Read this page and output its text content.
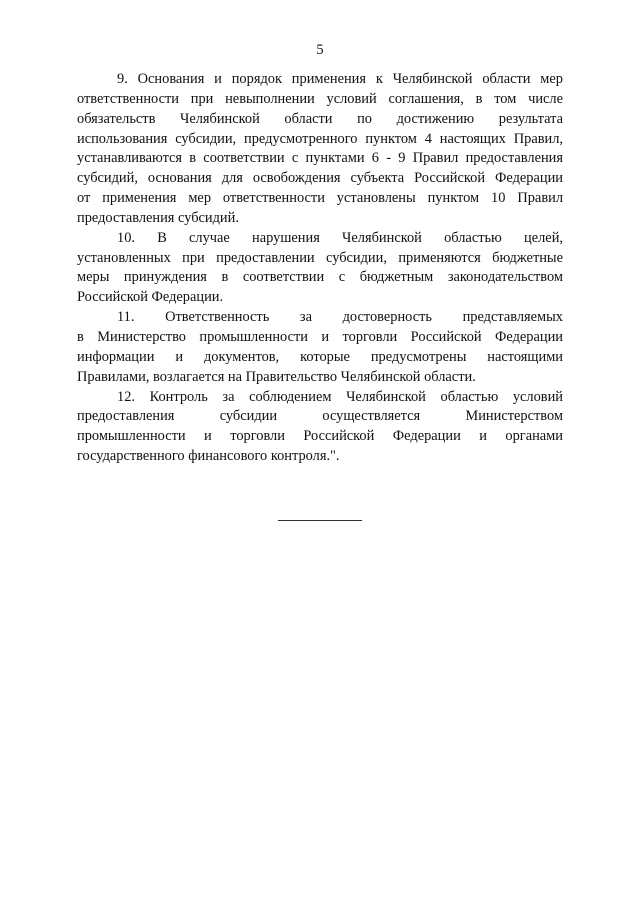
5
9. Основания и порядок применения к Челябинской области мер
ответственности при невыполнении условий соглашения, в том числе
обязательств Челябинской области по достижению результата
использования субсидии, предусмотренного пунктом 4 настоящих Правил,
устанавливаются в соответствии с пунктами 6 - 9 Правил предоставления
субсидий, основания для освобождения субъекта Российской Федерации
от применения мер ответственности установлены пунктом 10 Правил
предоставления субсидий.
10. В случае нарушения Челябинской областью целей,
установленных при предоставлении субсидии, применяются бюджетные
меры принуждения в соответствии с бюджетным законодательством
Российской Федерации.
11. Ответственность за достоверность представляемых
в Министерство промышленности и торговли Российской Федерации
информации и документов, которые предусмотрены настоящими
Правилами, возлагается на Правительство Челябинской области.
12. Контроль за соблюдением Челябинской областью условий
предоставления субсидии осуществляется Министерством
промышленности и торговли Российской Федерации и органами
государственного финансового контроля.".
